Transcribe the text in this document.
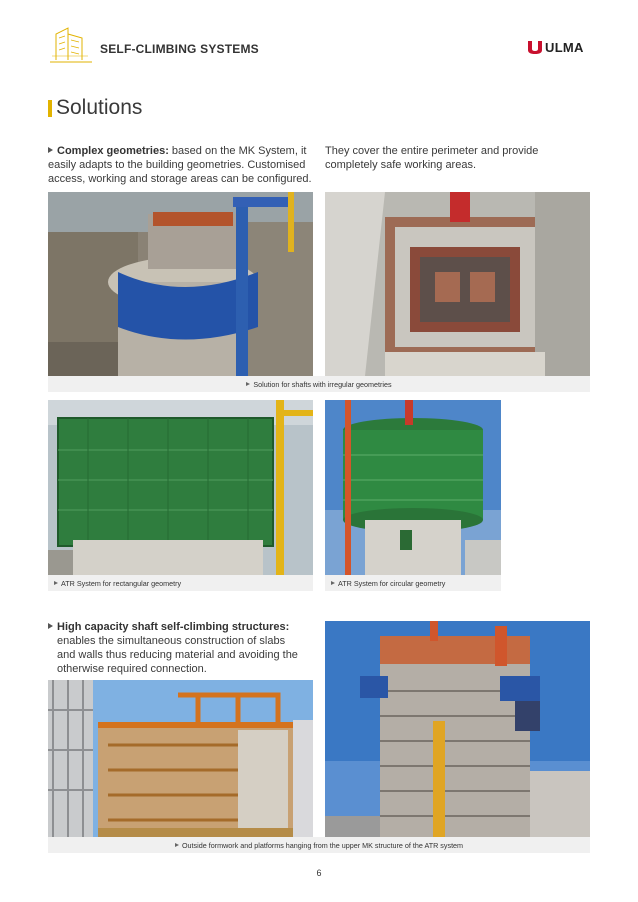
SELF-CLIMBING SYSTEMS	ULMA
Solutions
Complex geometries: based on the MK System, it easily adapts to the building geometries. Customised access, working and storage areas can be configured.
They cover the entire perimeter and provide completely safe working areas.
Solution for shafts with irregular geometries
ATR System for rectangular geometry	ATR System for circular geometry
High capacity shaft self-climbing structures:
enables the simultaneous construction of slabs
and walls thus reducing material and avoiding the
otherwise required connection.
Outside formwork and platforms hanging from the upper MK structure of the ATR system
6
